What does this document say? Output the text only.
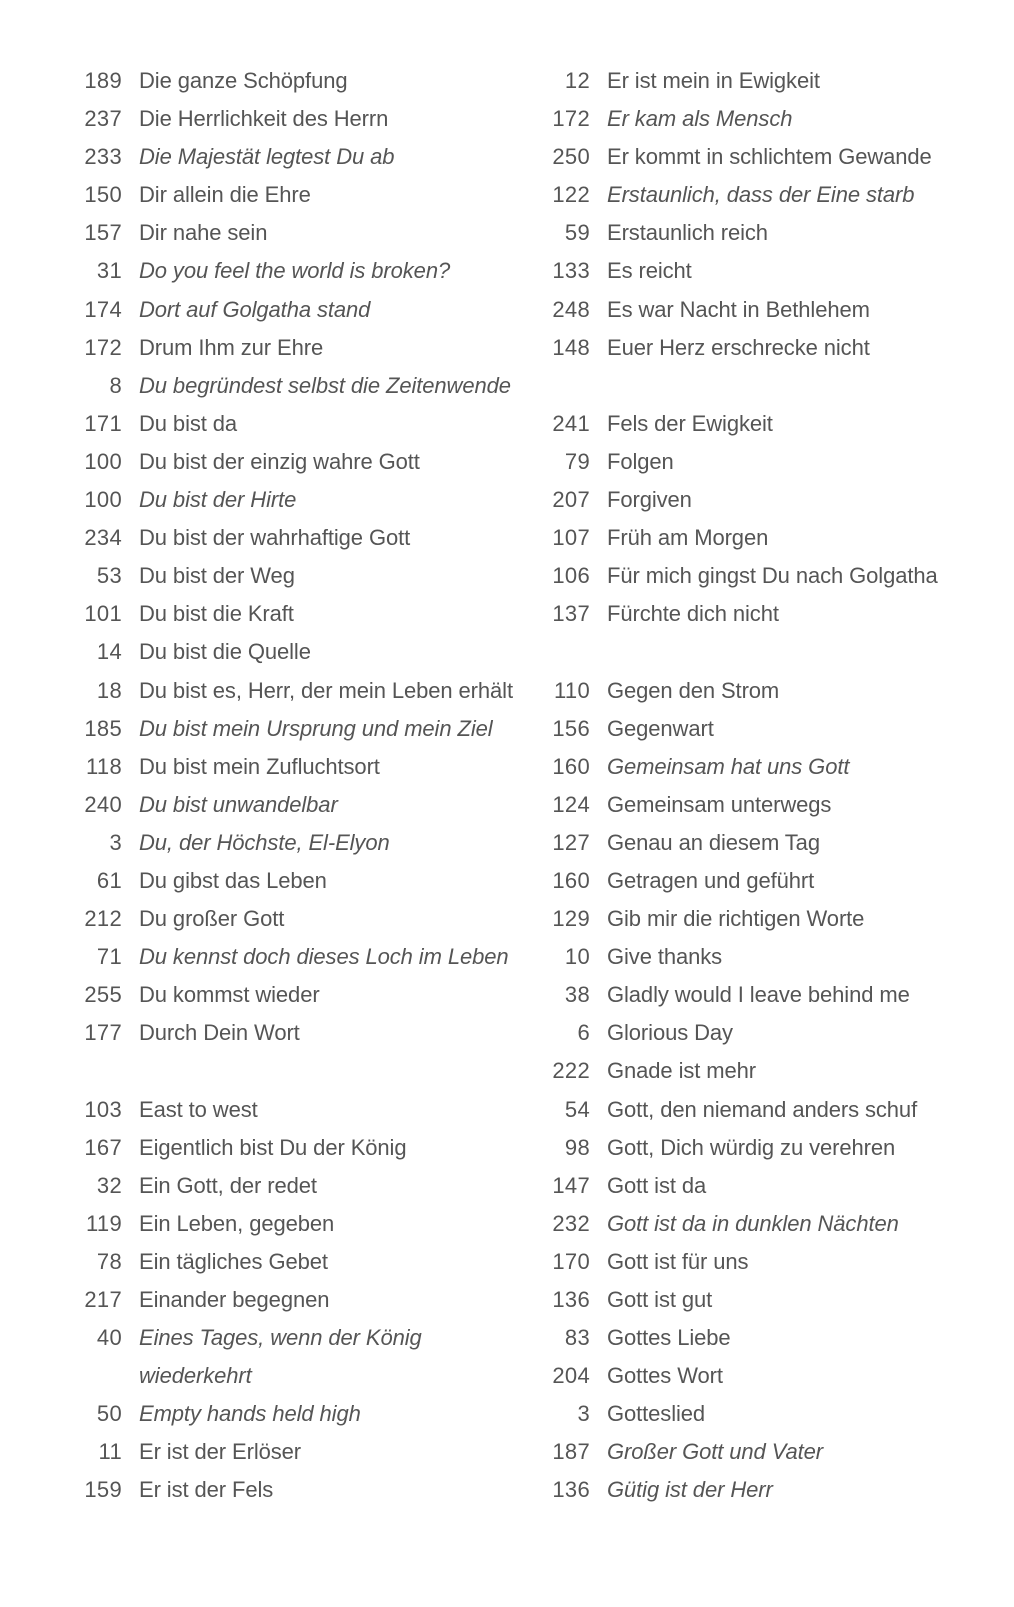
189 Die ganze Schöpfung
237 Die Herrlichkeit des Herrn
233 Die Majestät legtest Du ab
150 Dir allein die Ehre
157 Dir nahe sein
31 Do you feel the world is broken?
174 Dort auf Golgatha stand
172 Drum Ihm zur Ehre
8 Du begründest selbst die Zeitenwende
171 Du bist da
100 Du bist der einzig wahre Gott
100 Du bist der Hirte
234 Du bist der wahrhaftige Gott
53 Du bist der Weg
101 Du bist die Kraft
14 Du bist die Quelle
18 Du bist es, Herr, der mein Leben erhält
185 Du bist mein Ursprung und mein Ziel
118 Du bist mein Zufluchtsort
240 Du bist unwandelbar
3 Du, der Höchste, El-Elyon
61 Du gibst das Leben
212 Du großer Gott
71 Du kennst doch dieses Loch im Leben
255 Du kommst wieder
177 Durch Dein Wort
103 East to west
167 Eigentlich bist Du der König
32 Ein Gott, der redet
119 Ein Leben, gegeben
78 Ein tägliches Gebet
217 Einander begegnen
40 Eines Tages, wenn der König
wiederkehrt
50 Empty hands held high
11 Er ist der Erlöser
159 Er ist der Fels
12 Er ist mein in Ewigkeit
172 Er kam als Mensch
250 Er kommt in schlichtem Gewande
122 Erstaunlich, dass der Eine starb
59 Erstaunlich reich
133 Es reicht
248 Es war Nacht in Bethlehem
148 Euer Herz erschrecke nicht
241 Fels der Ewigkeit
79 Folgen
207 Forgiven
107 Früh am Morgen
106 Für mich gingst Du nach Golgatha
137 Fürchte dich nicht
110 Gegen den Strom
156 Gegenwart
160 Gemeinsam hat uns Gott
124 Gemeinsam unterwegs
127 Genau an diesem Tag
160 Getragen und geführt
129 Gib mir die richtigen Worte
10 Give thanks
38 Gladly would I leave behind me
6 Glorious Day
222 Gnade ist mehr
54 Gott, den niemand anders schuf
98 Gott, Dich würdig zu verehren
147 Gott ist da
232 Gott ist da in dunklen Nächten
170 Gott ist für uns
136 Gott ist gut
83 Gottes Liebe
204 Gottes Wort
3 Gotteslied
187 Großer Gott und Vater
136 Gütig ist der Herr
